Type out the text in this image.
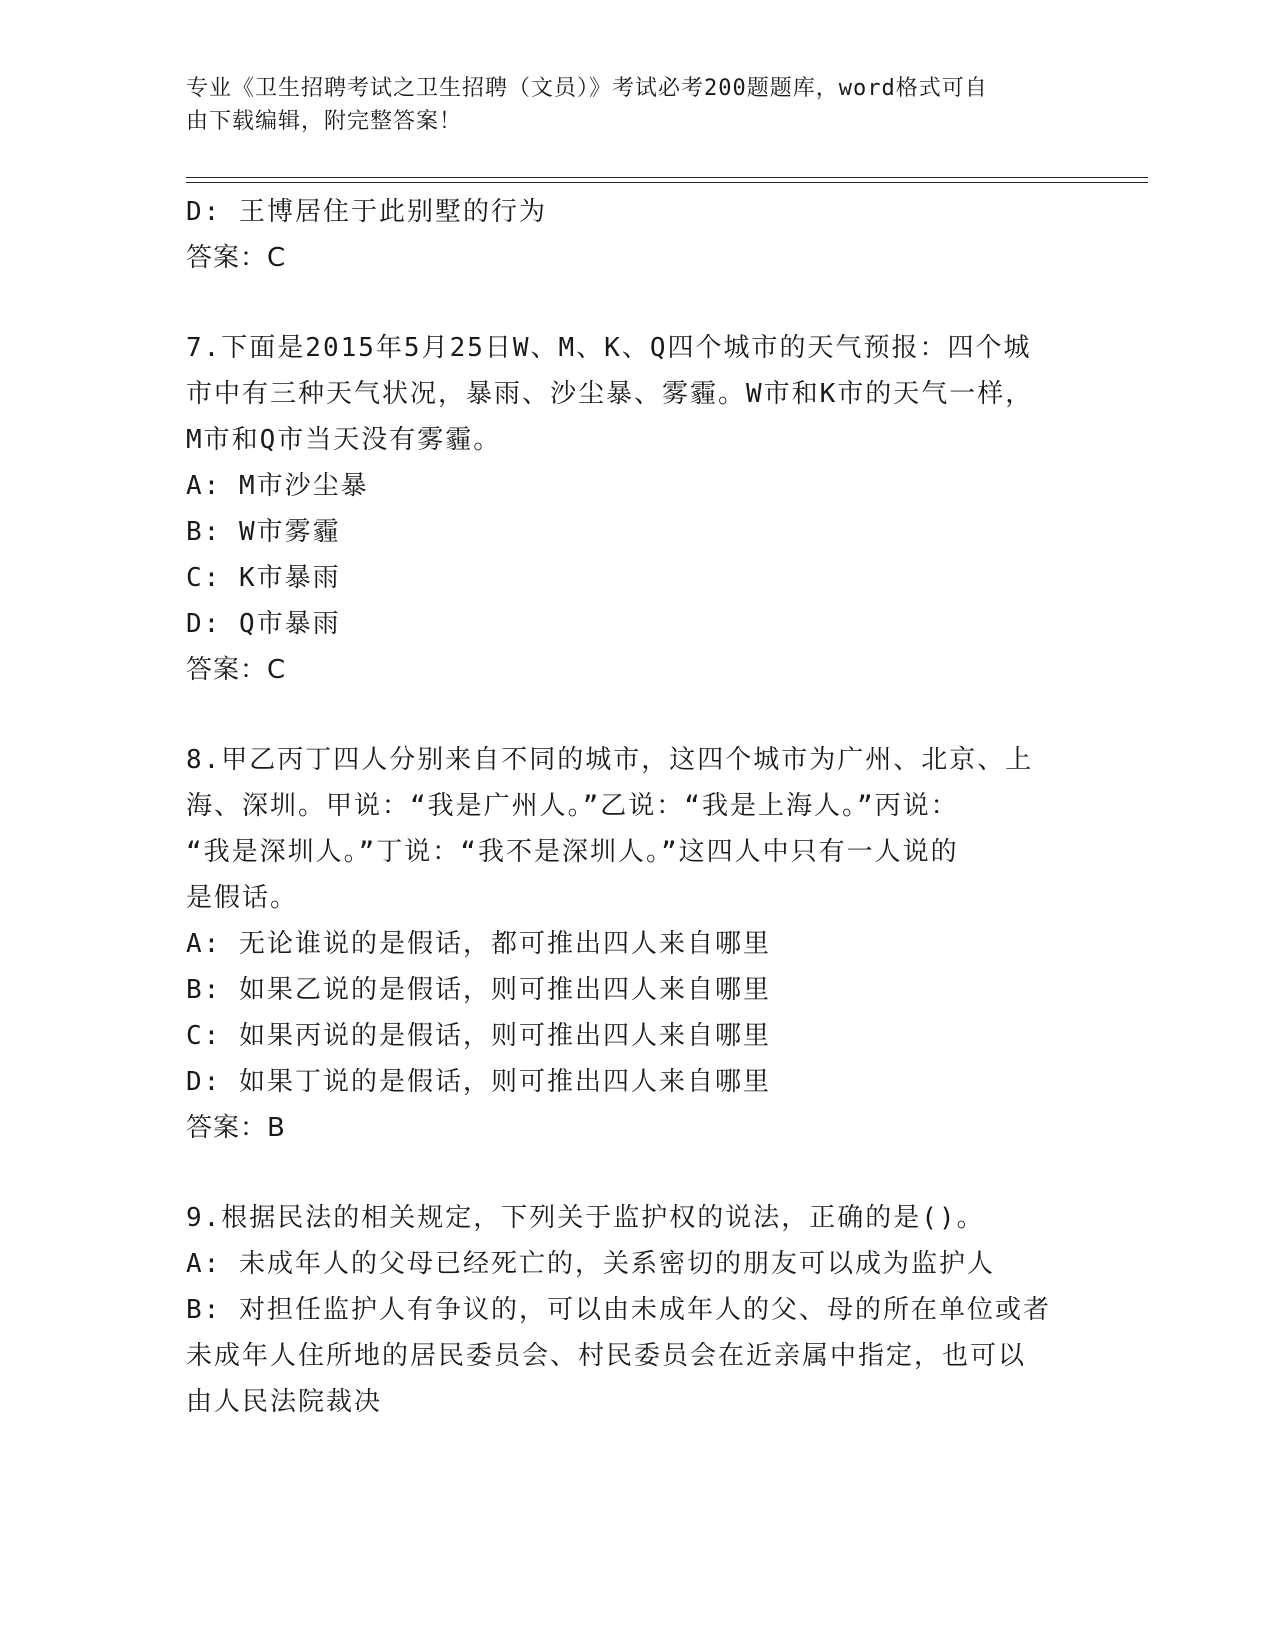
专业《卫生招聘考试之卫生招聘（文员）》考试必考200题题库，word格式可自
由下载编辑，附完整答案！
D: 王博居住于此别墅的行为
答案：C
7.下面是2015年5月25日W、M、K、Q四个城市的天气预报：四个城
市中有三种天气状况，暴雨、沙尘暴、雾霾。W市和K市的天气一样，
M市和Q市当天没有雾霾。
A: M市沙尘暴
B: W市雾霾
C: K市暴雨
D: Q市暴雨
答案：C
8.甲乙丙丁四人分别来自不同的城市，这四个城市为广州、北京、上
海、深圳。甲说：“我是广州人。”乙说：“我是上海人。”丙说：
“我是深圳人。”丁说：“我不是深圳人。”这四人中只有一人说的
是假话。
A: 无论谁说的是假话，都可推出四人来自哪里
B: 如果乙说的是假话，则可推出四人来自哪里
C: 如果丙说的是假话，则可推出四人来自哪里
D: 如果丁说的是假话，则可推出四人来自哪里
答案：B
9.根据民法的相关规定，下列关于监护权的说法，正确的是()。
A: 未成年人的父母已经死亡的，关系密切的朋友可以成为监护人
B: 对担任监护人有争议的，可以由未成年人的父、母的所在单位或者
未成年人住所地的居民委员会、村民委员会在近亲属中指定，也可以
由人民法院裁决
